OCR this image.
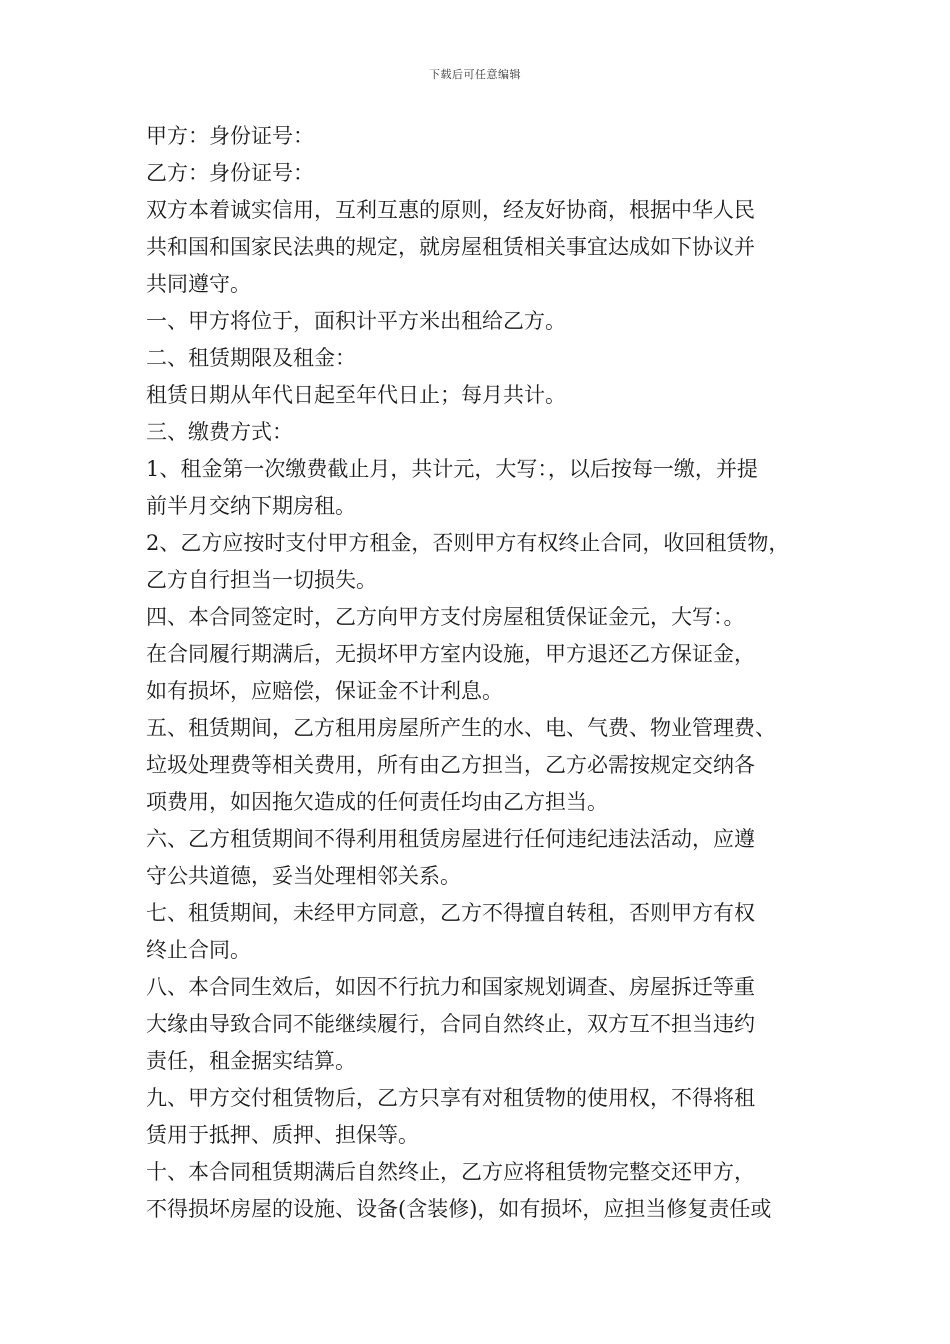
下载后可任意编辑
甲方：身份证号：
乙方：身份证号：
双方本着诚实信用，互利互惠的原则，经友好协商，根据中华人民
共和国和国家民法典的规定，就房屋租赁相关事宜达成如下协议并
共同遵守。
一、甲方将位于，面积计平方米出租给乙方。
二、租赁期限及租金：
租赁日期从年代日起至年代日止；每月共计。
三、缴费方式：
1、租金第一次缴费截止月，共计元，大写：，以后按每一缴，并提
前半月交纳下期房租。
2、乙方应按时支付甲方租金，否则甲方有权终止合同，收回租赁物，
乙方自行担当一切损失。
四、本合同签定时，乙方向甲方支付房屋租赁保证金元，大写：。
在合同履行期满后，无损坏甲方室内设施，甲方退还乙方保证金，
如有损坏，应赔偿，保证金不计利息。
五、租赁期间，乙方租用房屋所产生的水、电、气费、物业管理费、
垃圾处理费等相关费用，所有由乙方担当，乙方必需按规定交纳各
项费用，如因拖欠造成的任何责任均由乙方担当。
六、乙方租赁期间不得利用租赁房屋进行任何违纪违法活动，应遵
守公共道德，妥当处理相邻关系。
七、租赁期间，未经甲方同意，乙方不得擅自转租，否则甲方有权
终止合同。
八、本合同生效后，如因不行抗力和国家规划调查、房屋拆迁等重
大缘由导致合同不能继续履行，合同自然终止，双方互不担当违约
责任，租金据实结算。
九、甲方交付租赁物后，乙方只享有对租赁物的使用权，不得将租
赁用于抵押、质押、担保等。
十、本合同租赁期满后自然终止，乙方应将租赁物完整交还甲方，
不得损坏房屋的设施、设备(含装修)，如有损坏，应担当修复责任或
